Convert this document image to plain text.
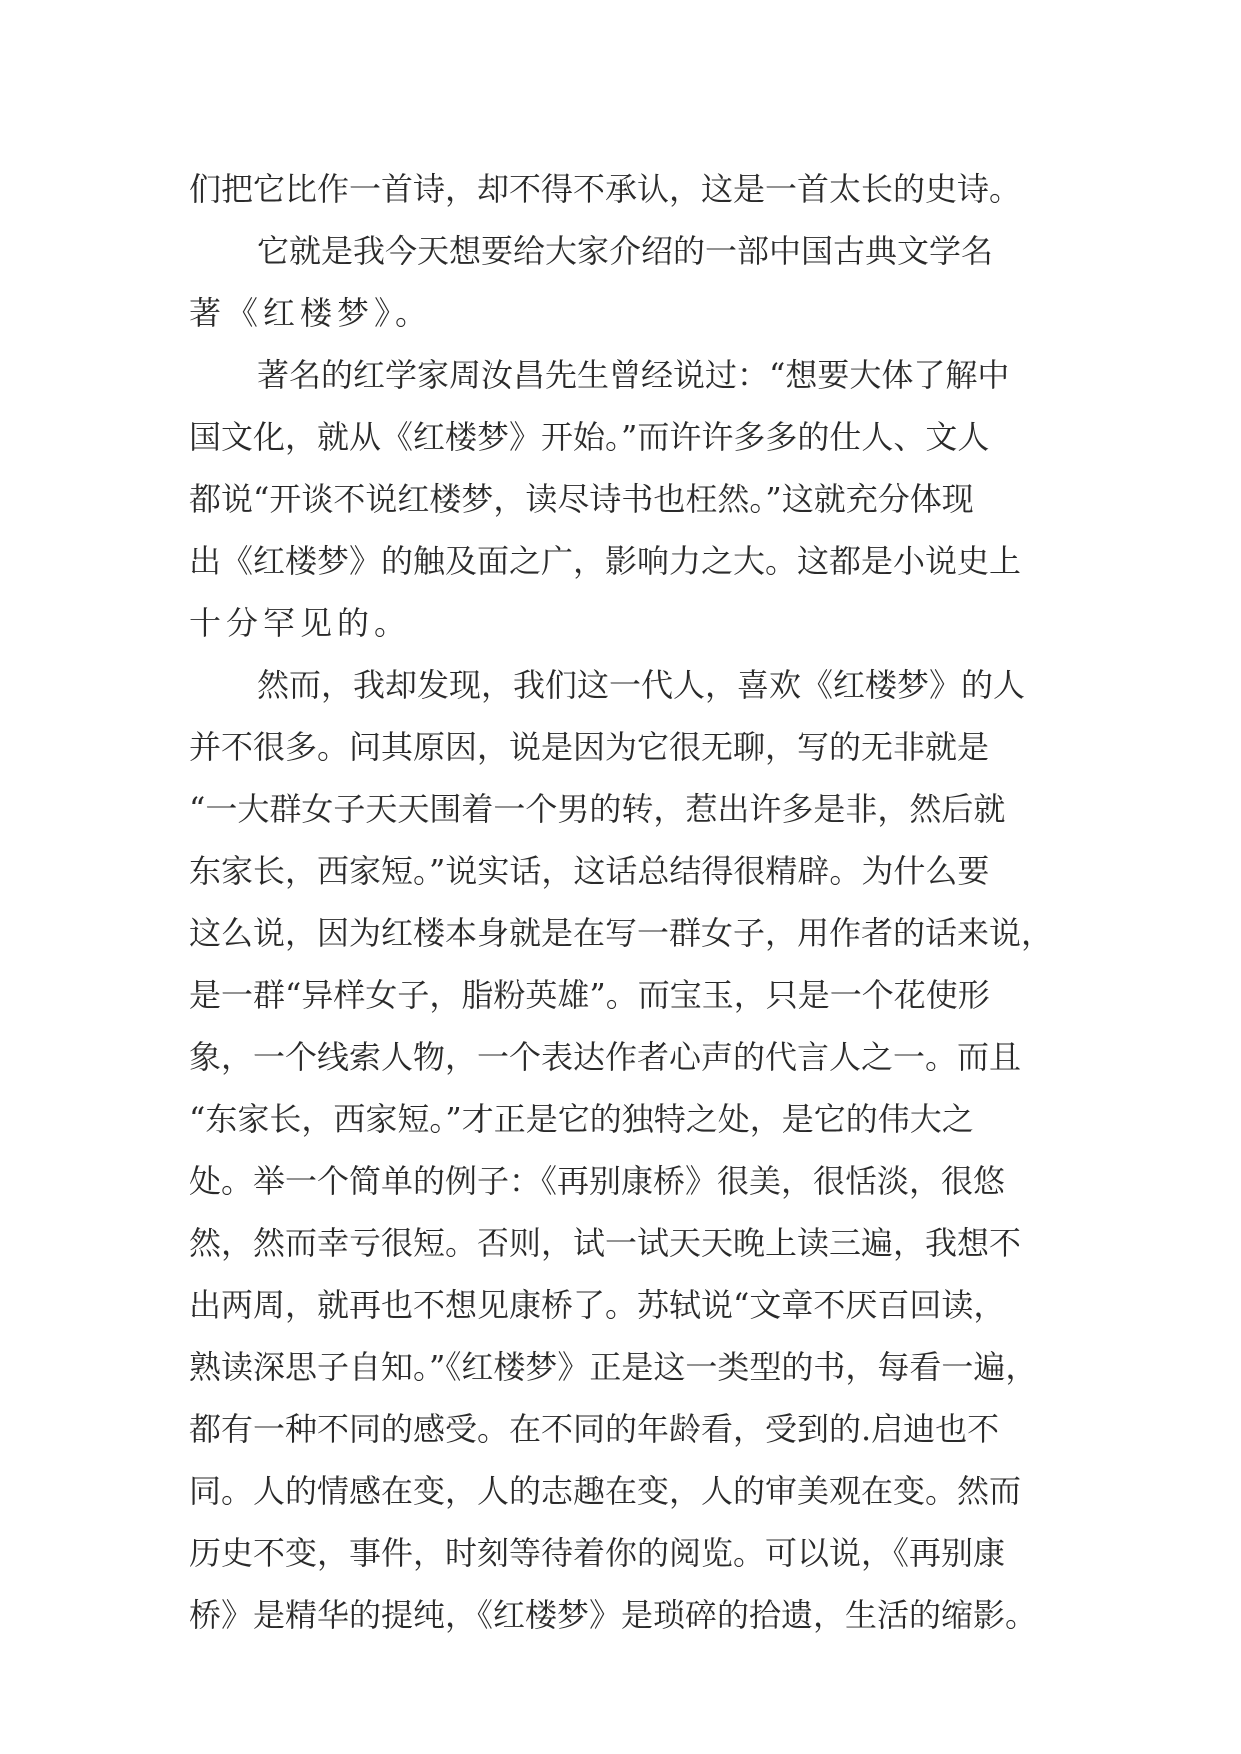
们把它比作一首诗，却不得不承认，这是一首太长的史诗。
它就是我今天想要给大家介绍的一部中国古典文学名
著《红楼梦》。
著名的红学家周汝昌先生曾经说过：“想要大体了解中
国文化，就从《红楼梦》开始。”而许许多多的仕人、文人
都说“开谈不说红楼梦，读尽诗书也枉然。”这就充分体现
出《红楼梦》的触及面之广，影响力之大。这都是小说史上
十分罕见的。
然而，我却发现，我们这一代人，喜欢《红楼梦》的人
并不很多。问其原因，说是因为它很无聊，写的无非就是
“一大群女子天天围着一个男的转，惹出许多是非，然后就
东家长，西家短。”说实话，这话总结得很精辟。为什么要
这么说，因为红楼本身就是在写一群女子，用作者的话来说，
是一群“异样女子，脂粉英雄”。而宝玉，只是一个花使形
象，一个线索人物，一个表达作者心声的代言人之一。而且
“东家长，西家短。”才正是它的独特之处，是它的伟大之
处。举一个简单的例子：《再别康桥》很美，很恬淡，很悠
然，然而幸亏很短。否则，试一试天天晚上读三遍，我想不
出两周，就再也不想见康桥了。苏轼说“文章不厌百回读，
熟读深思子自知。”《红楼梦》正是这一类型的书，每看一遍，
都有一种不同的感受。在不同的年龄看，受到的.启迪也不
同。人的情感在变，人的志趣在变，人的审美观在变。然而
历史不变，事件，时刻等待着你的阅览。可以说，《再别康
桥》是精华的提纯，《红楼梦》是琐碎的拾遗，生活的缩影。
